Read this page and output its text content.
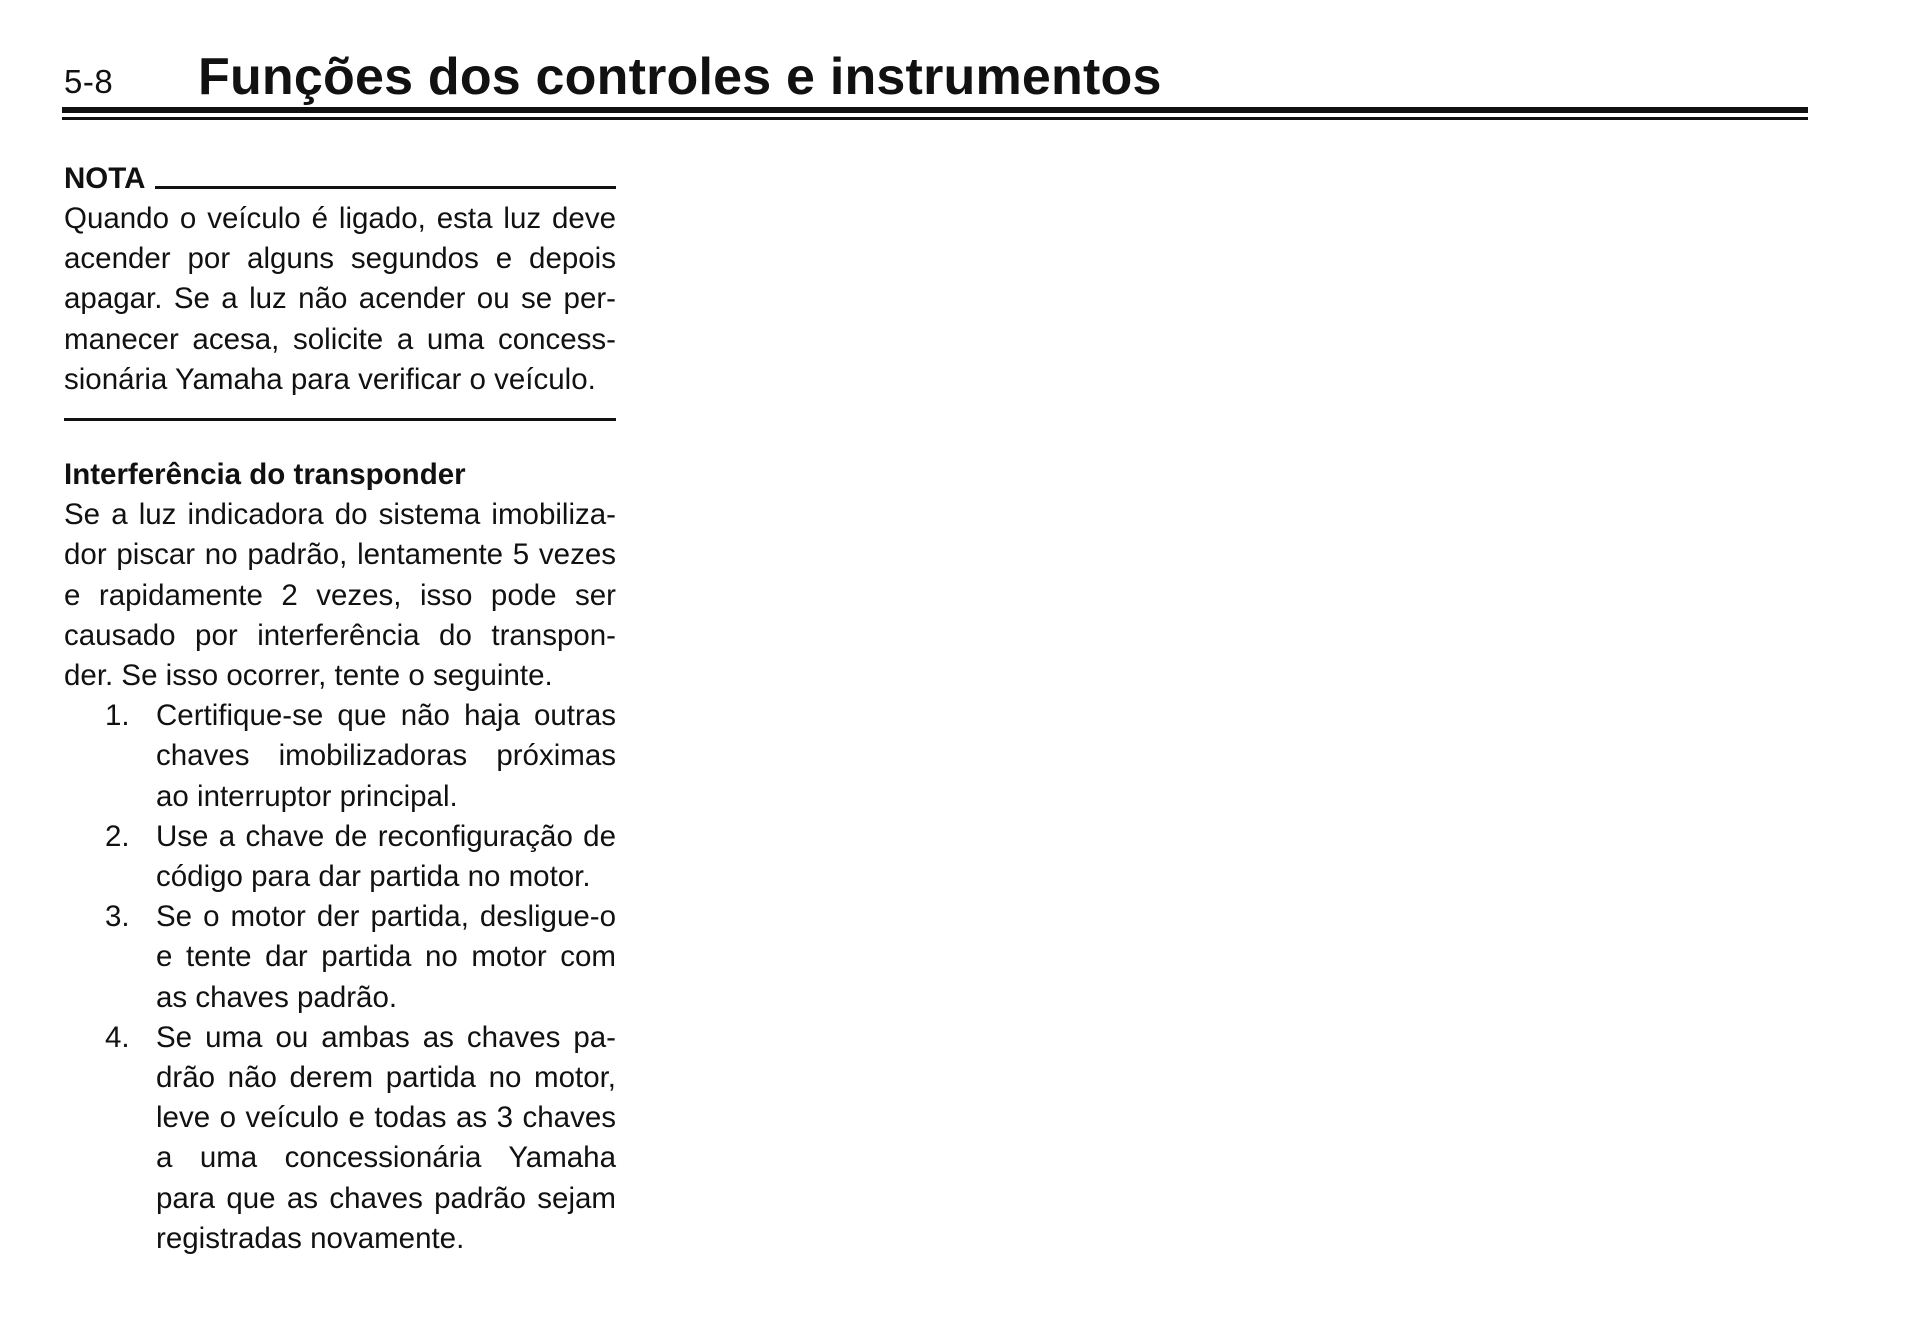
5-8 Funções dos controles e instrumentos
NOTA
Quando o veículo é ligado, esta luz deve
acender por alguns segundos e depois
apagar. Se a luz não acender ou se per-
manecer acesa, solicite a uma concess-
sionária Yamaha para verificar o veículo.
Interferência do transponder
Se a luz indicadora do sistema imobiliza-
dor piscar no padrão, lentamente 5 vezes
e rapidamente 2 vezes, isso pode ser
causado por interferência do transpon-
der. Se isso ocorrer, tente o seguinte.
1. Certifique-se que não haja outras
chaves imobilizadoras próximas
ao interruptor principal.
2. Use a chave de reconfiguração de
código para dar partida no motor.
3. Se o motor der partida, desligue-o
e tente dar partida no motor com
as chaves padrão.
4. Se uma ou ambas as chaves pa-
drão não derem partida no motor,
leve o veículo e todas as 3 chaves
a uma concessionária Yamaha
para que as chaves padrão sejam
registradas novamente.
